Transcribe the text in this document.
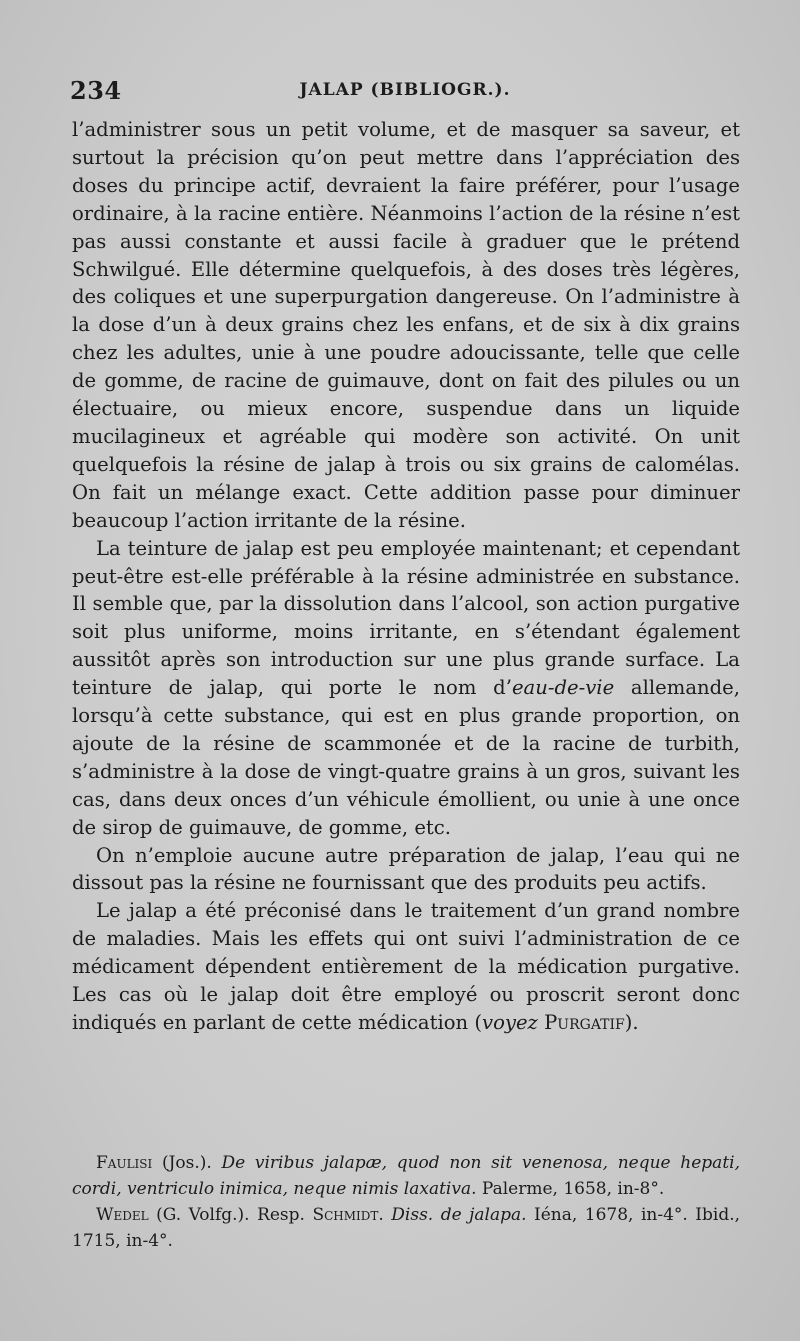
234	JALAP (BIBLIOGR.).

l’administrer sous un petit volume, et de masquer sa saveur, et surtout la précision qu’on peut mettre dans l’appréciation des doses du principe actif, devraient la faire préférer, pour l’usage ordinaire, à la racine entière. Néanmoins l’action de la résine n’est pas aussi constante et aussi facile à graduer que le prétend Schwilgué. Elle détermine quelquefois, à des doses très légères, des coliques et une superpurgation dangereuse. On l’administre à la dose d’un à deux grains chez les enfans, et de six à dix grains chez les adultes, unie à une poudre adoucissante, telle que celle de gomme, de racine de guimauve, dont on fait des pilules ou un électuaire, ou mieux encore, suspendue dans un liquide mucilagineux et agréable qui modère son activité. On unit quelquefois la résine de jalap à trois ou six grains de calomélas. On fait un mélange exact. Cette addition passe pour diminuer beaucoup l’action irritante de la résine.

La teinture de jalap est peu employée maintenant; et cependant peut-être est-elle préférable à la résine administrée en substance. Il semble que, par la dissolution dans l’alcool, son action purgative soit plus uniforme, moins irritante, en s’étendant également aussitôt après son introduction sur une plus grande surface. La teinture de jalap, qui porte le nom d’eau-de-vie allemande, lorsqu’à cette substance, qui est en plus grande proportion, on ajoute de la résine de scammonée et de la racine de turbith, s’administre à la dose de vingt-quatre grains à un gros, suivant les cas, dans deux onces d’un véhicule émollient, ou unie à une once de sirop de guimauve, de gomme, etc.

On n’emploie aucune autre préparation de jalap, l’eau qui ne dissout pas la résine ne fournissant que des produits peu actifs.

Le jalap a été préconisé dans le traitement d’un grand nombre de maladies. Mais les effets qui ont suivi l’administration de ce médicament dépendent entièrement de la médication purgative. Les cas où le jalap doit être employé ou proscrit seront donc indiqués en parlant de cette médication (voyez Purgatif).

Faulisi (Jos.). De viribus jalapæ, quod non sit venenosa, neque hepati, cordi, ventriculo inimica, neque nimis laxativa. Palerme, 1658, in-8°.

Wedel (G. Volfg.). Resp. Schmidt. Diss. de jalapa. Iéna, 1678, in-4°. Ibid., 1715, in-4°.
